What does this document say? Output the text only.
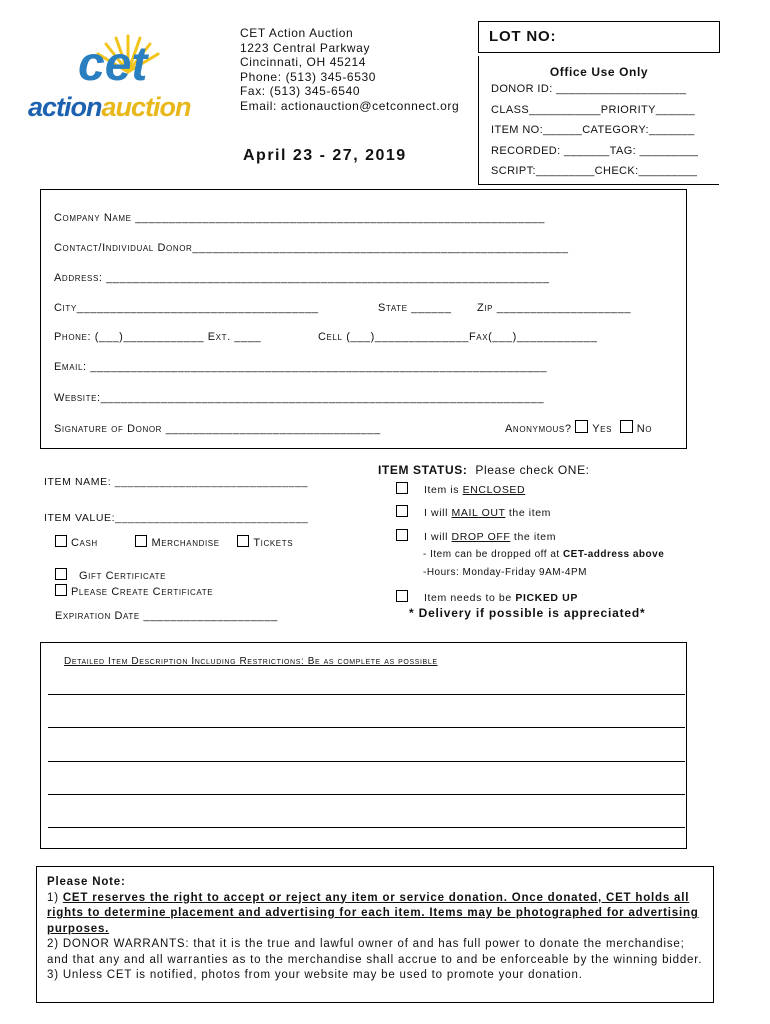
cet
actionauction
CET Action Auction
1223 Central Parkway
Cincinnati, OH 45214
Phone: (513) 345-6530
Fax: (513) 345-6540
Email: actionauction@cetconnect.org
April 23 - 27, 2019
LOT NO:
Office Use Only
DONOR ID: ____________________
CLASS___________PRIORITY______
ITEM NO:______CATEGORY:_______
RECORDED: _______TAG: _________
SCRIPT:_________CHECK:_________
Company Name _____________________________________________________________
Contact/Individual Donor________________________________________________________
Address: __________________________________________________________________
City____________________________________	State ______ Zip ____________________
Phone: (___)____________ Ext. ____	Cell (___)______________Fax(___)____________
Email: ____________________________________________________________________
Website:__________________________________________________________________
Signature of Donor ________________________________	Anonymous? Yes No
ITEM NAME: ______________________________
ITEM VALUE:______________________________
Cash	Merchandise	Tickets
Gift Certificate
Please Create Certificate
Expiration Date ____________________
ITEM STATUS: Please check ONE:
Item is ENCLOSED
I will MAIL OUT the item
I will DROP OFF the item
- Item can be dropped off at CET-address above
-Hours: Monday-Friday 9AM-4PM
Item needs to be PICKED UP
* Delivery if possible is appreciated*
Detailed Item Description Including Restrictions: Be as complete as possible
Please Note:
1) CET reserves the right to accept or reject any item or service donation. Once donated, CET holds all rights to determine placement and advertising for each item. Items may be photographed for advertising purposes.
2) DONOR WARRANTS: that it is the true and lawful owner of and has full power to donate the merchandise; and that any and all warranties as to the merchandise shall accrue to and be enforceable by the winning bidder.
3) Unless CET is notified, photos from your website may be used to promote your donation.
